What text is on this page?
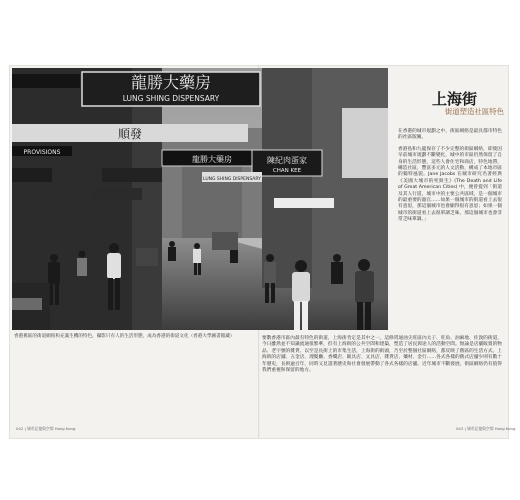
龍勝大藥房
LUNG SHING DISPENSARY
順發
PROVISIONS
陳紀肉蛋家
CHAN KEE
龍勝大藥房
LUNG SHING DISPENSARY
香港舊區的街道網絡和充滿生機的特色，攝影只有人的生活形態，成為香港的街道文化（香港大學圖書館藏）
上海街
街道塑造社區特色

在香港的城市規劃之中，街區網絡是最具都市特色的社區版圖。

香港島和九龍保存了不少完整的街區網絡，即使因早前城市規劃不斷變化，城中的市區仍然保留了自身的生活形態，這些人會住宅和商店，特色地帶，構造社區，豐富多元的人文活動，構成了本地市區的獨特風貌。Jane Jacobs 在城市研究名著經典《美國大城市的死與生》(The Death and Life of Great American Cities) 中，便曾提到「街道及其人行道，城市中的主要公共區域，是一個城市的最重要的器官……如果一個城市的街道看上去很有意思，那這個城市也會顯得很有意思；如果一個城市的街道看上去很單調乏味，那這個城市也會非常乏味單調。」

要數香港市區內最有特色的街道，上海街肯定是其中之一。這條貫通油尖旺區內太子、旺角、油麻地、佐敦的街道，今日雖然並不知識流通很繁華，但有上海街的公共空間和建築，塑造了居民與途人的活動空間。無論是店舖販賣的物品、老字號的雜貨、以至是長街上的市集生活，上海街的街頭，乃至於整個社區網絡，都反映了舊區的生活方式。上海街的店舖、五金店、理髮廳、香燭店、飯具店、文具店、雜貨店、藥材、金行……各式各樣的舊式店舖少則有數十年歷史，長則逾百年，同時又見證著歷史和社會發展帶動了各式各樣的店舖。近年城市不斷發展，街區網絡仍有值得我們重視和保留的地方。

042 | 城市記憶與空間 Hong Kong	043 | 城市記憶與空間 Hong Kong
